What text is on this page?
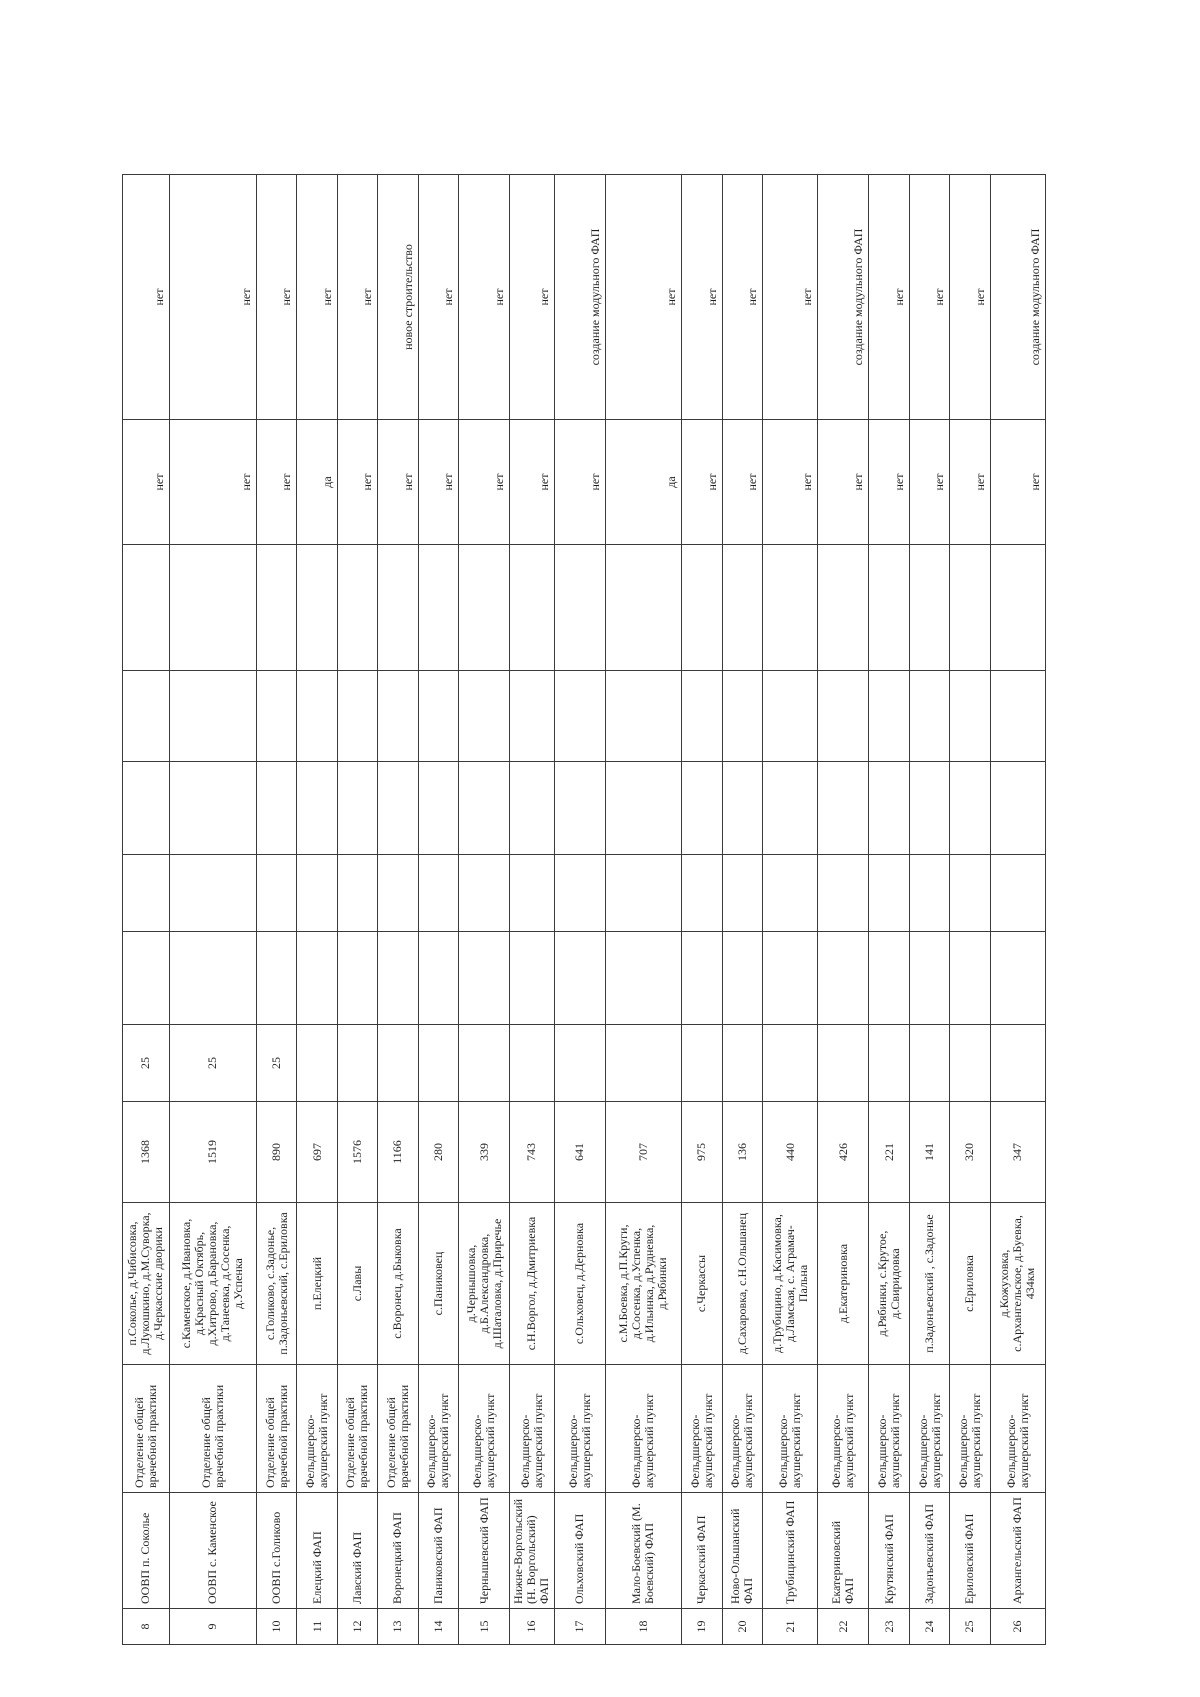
8	ООВП п. Соколье	Отделение общей врачебной практики	п.Соколье, д.Чибисовка, д.Лукошкино, д.М.Суворка, д.Черкасские дворики	1368	25						нет	нет
9	ООВП с. Каменское	Отделение общей врачебной практики	с.Каменское, д.Ивановка, д.Красный Октябрь, д.Хитрово, д.Барановка, д.Танеевка, д.Сосенка, д.Успенка	1519	25						нет	нет
10	ООВП с.Голиково	Отделение общей врачебной практики	с.Голиково, с.Задонье, п.Задоньевский, с.Ериловка	890	25						нет	нет
11	Елецкий ФАП	Фельдшерско-акушерский пункт	п.Елецкий	697							да	нет
12	Лавский ФАП	Отделение общей врачебной практики	с.Лавы	1576							нет	нет
13	Воронецкий ФАП	Отделение общей врачебной практики	с.Воронец, д.Быковка	1166							нет	новое строительство
14	Паниковский ФАП	Фельдшерско-акушерский пункт	с.Паниковец	280							нет	нет
15	Чернышевский ФАП	Фельдшерско-акушерский пункт	д.Чернышовка, д.Б.Александровка, д.Шаталовка, д.Приречье	339							нет	нет
16	Нижне-Воргольский (Н. Воргольский) ФАП	Фельдшерско-акушерский пункт	с.Н.Воргол, д.Дмитриевка	743							нет	нет
17	Ольховский ФАП	Фельдшерско-акушерский пункт	с.Ольховец, д.Дерновка	641							нет	создание модульного ФАП
18	Мало-Боевский (М. Боевский) ФАП	Фельдшерско-акушерский пункт	с.М.Боевка, д.П.Круги, д.Сосенка, д.Успенка, д.Ильинка, д.Рудневка, д.Рябинки	707							да	нет
19	Черкасский ФАП	Фельдшерско-акушерский пункт	с.Черкассы	975							нет	нет
20	Ново-Ольшанский ФАП	Фельдшерско-акушерский пункт	д.Сахаровка, с.Н.Ольшанец	136							нет	нет
21	Трубицинский ФАП	Фельдшерско-акушерский пункт	д.Трубицино, д.Касимовка, д.Ламская, с. Аграмач-Пальна	440							нет	нет
22	Екатериновский ФАП	Фельдшерско-акушерский пункт	д.Екатериновка	426							нет	создание модульного ФАП
23	Крутянский ФАП	Фельдшерско-акушерский пункт	д.Рябинки, с.Крутое, д.Свиридовка	221							нет	нет
24	Задонъевский ФАП	Фельдшерско-акушерский пункт	п.Задонъевский , с.Задонье	141							нет	нет
25	Ериловский ФАП	Фельдшерско-акушерский пункт	с.Ериловка	320							нет	нет
26	Архангельский ФАП	Фельдшерско-акушерский пункт	д.Кожуховка, с.Архангельское, д.Буевка, 434км	347							нет	создание модульного ФАП
